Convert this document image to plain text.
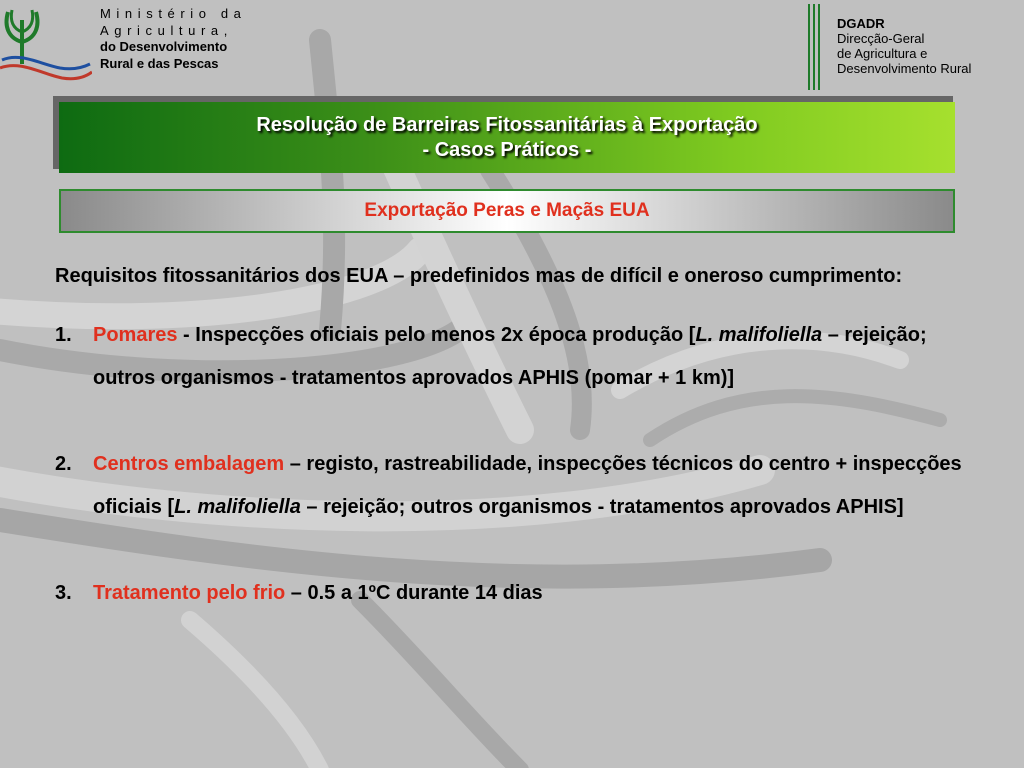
Ministério da
Agricultura,
do Desenvolvimento
Rural e das Pescas
DGADR
Direcção-Geral
de Agricultura e
Desenvolvimento Rural
Resolução de Barreiras Fitossanitárias à Exportação
- Casos Práticos -
Exportação Peras e Maçãs EUA
Requisitos fitossanitários dos EUA – predefinidos mas de difícil e oneroso cumprimento:
1. Pomares - Inspecções oficiais pelo menos 2x época produção [L. malifoliella – rejeição; outros organismos - tratamentos aprovados APHIS (pomar + 1 km)]
2. Centros embalagem – registo, rastreabilidade, inspecções técnicos do centro + inspecções oficiais [L. malifoliella – rejeição; outros organismos - tratamentos aprovados APHIS]
3. Tratamento pelo frio – 0.5 a 1ºC durante 14 dias
